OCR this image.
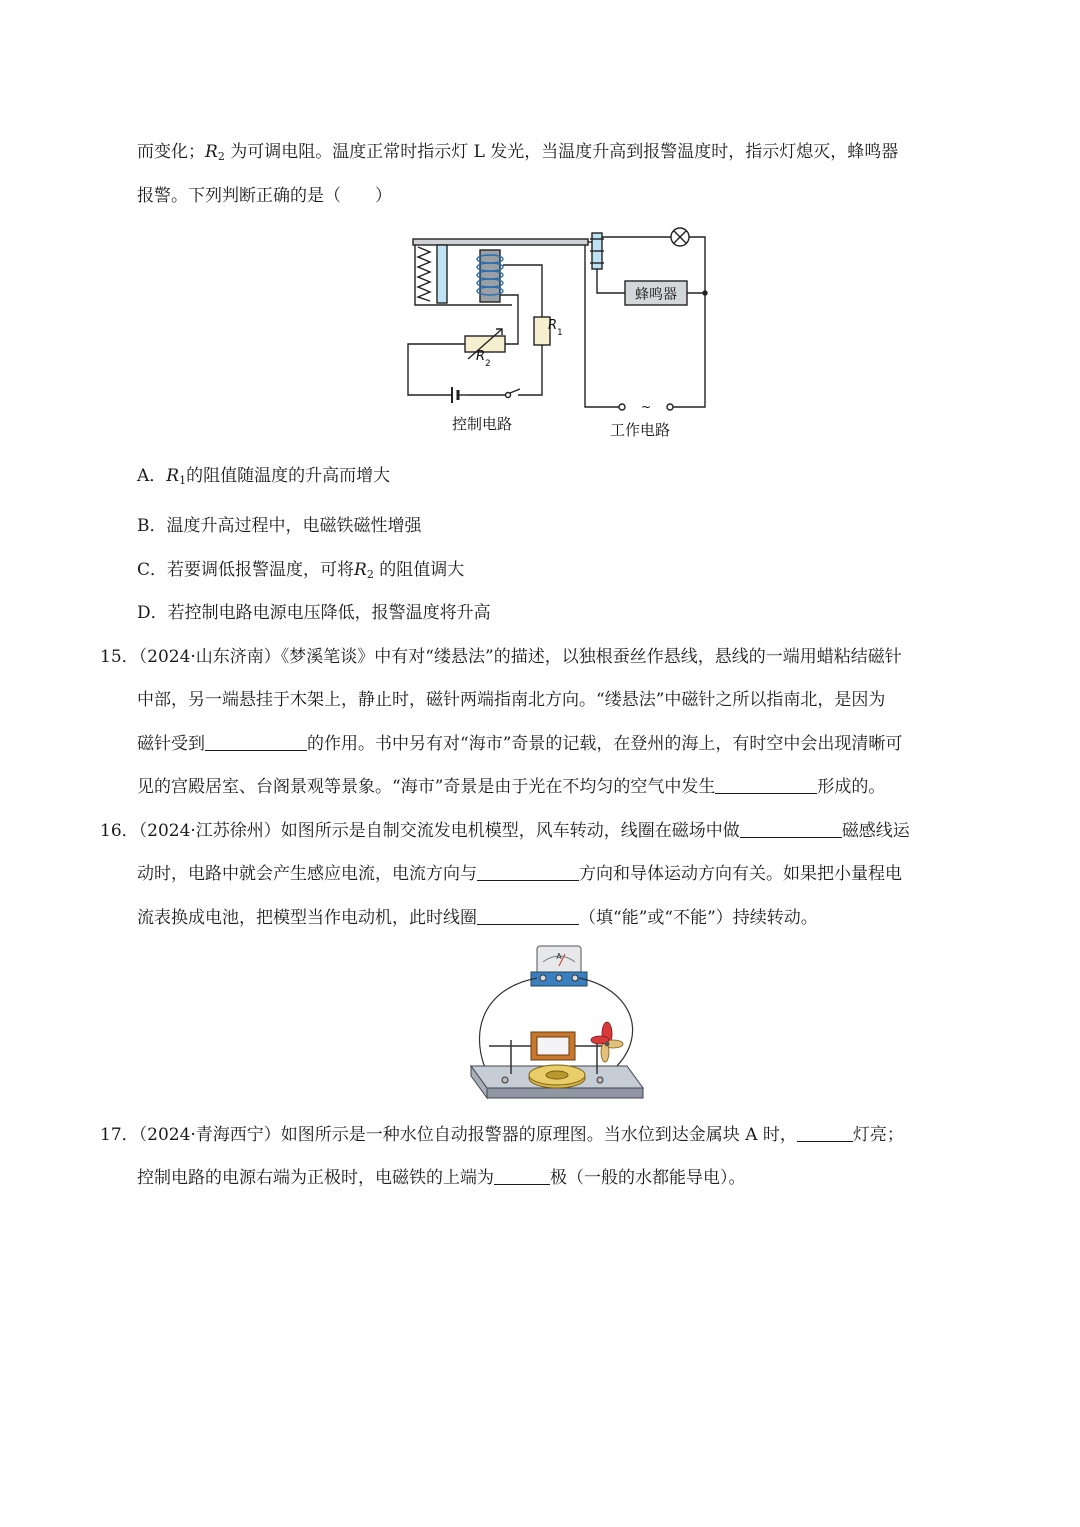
而变化；$R_2$ 为可调电阻。温度正常时指示灯 L 发光，当温度升高到报警温度时，指示灯熄灭，蜂鸣器
报警。下列判断正确的是（　　）
蜂鸣器
R 1
R 2
控制电路
~
工作电路
A．$R_1$的阻值随温度的升高而增大
B．温度升高过程中，电磁铁磁性增强
C．若要调低报警温度，可将$R_2$ 的阻值调大
D．若控制电路电源电压降低，报警温度将升高
15．（2024·山东济南）《梦溪笔谈》中有对“缕悬法”的描述，以独根蚕丝作悬线，悬线的一端用蜡粘结磁针
中部，另一端悬挂于木架上，静止时，磁针两端指南北方向。“缕悬法”中磁针之所以指南北，是因为
磁针受到	的作用。书中另有对“海市”奇景的记载，在登州的海上，有时空中会出现清晰可
见的宫殿居室、台阁景观等景象。“海市”奇景是由于光在不均匀的空气中发生	形成的。
16．（2024·江苏徐州）如图所示是自制交流发电机模型，风车转动，线圈在磁场中做	磁感线运
动时，电路中就会产生感应电流，电流方向与	方向和导体运动方向有关。如果把小量程电
流表换成电池，把模型当作电动机，此时线圈	（填“能”或“不能”）持续转动。
A
17．（2024·青海西宁）如图所示是一种水位自动报警器的原理图。当水位到达金属块 A 时，	灯亮；
控制电路的电源右端为正极时，电磁铁的上端为	极（一般的水都能导电）。
